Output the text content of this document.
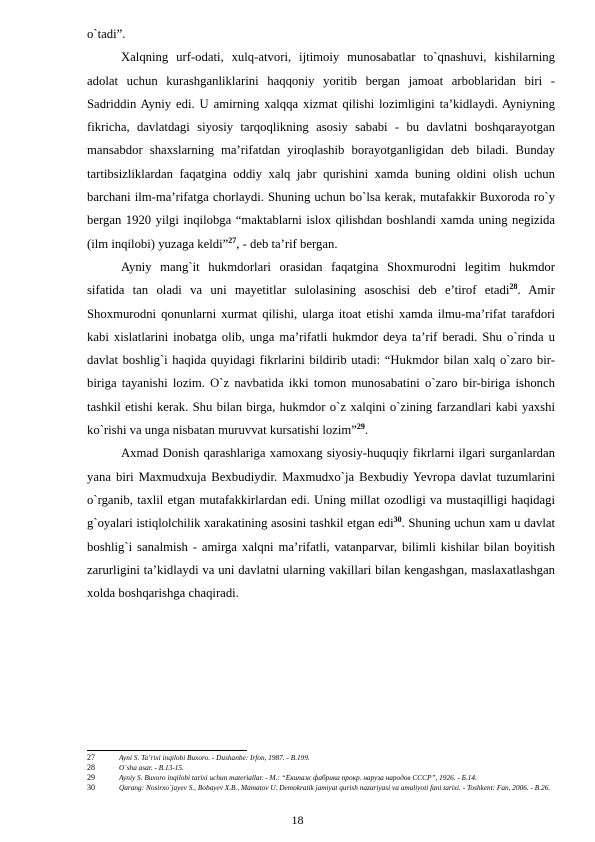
o`tadi”.

Xalqning urf-odati, xulq-atvori, ijtimoiy munosabatlar to`qnashuvi, kishilarning adolat uchun kurashganliklarini haqqoniy yoritib bergan jamoat arboblaridan biri - Sadriddin Ayniy edi. U amirning xalqqa xizmat qilishi lozimligini ta’kidlaydi. Ayniyning fikricha, davlatdagi siyosiy tarqoqlikning asosiy sababi - bu davlatni boshqarayotgan mansabdor shaxslarning ma’rifatdan yiroqlashib borayotganligidan deb biladi. Bunday tartibsizliklardan faqatgina oddiy xalq jabr qurishini xamda buning oldini olish uchun barchani ilm-ma’rifatga chorlaydi. Shuning uchun bo`lsa kerak, mutafakkir Buxoroda ro`y bergan 1920 yilgi inqilobga “maktablarni islox qilishdan boshlandi xamda uning negizida (ilm inqilobi) yuzaga keldi”$^{27}$, - deb ta’rif bergan.

Ayniy mang`it hukmdorlari orasidan faqatgina Shoxmurodni legitim hukmdor sifatida tan oladi va uni mayetitlar sulolasining asoschisi deb e’tirof etadi$^{28}$. Amir Shoxmurodni qonunlarni xurmat qilishi, ularga itoat etishi xamda ilmu-ma’rifat tarafdori kabi xislatlarini inobatga olib, unga ma’rifatli hukmdor deya ta’rif beradi. Shu o`rinda u davlat boshlig`i haqida quyidagi fikrlarini bildirib utadi: “Hukmdor bilan xalq o`zaro bir-biriga tayanishi lozim. O`z navbatida ikki tomon munosabatini o`zaro bir-biriga ishonch tashkil etishi kerak. Shu bilan birga, hukmdor o`z xalqini o`zining farzandlari kabi yaxshi ko`rishi va unga nisbatan muruvvat kursatishi lozim”$^{29}$.

Axmad Donish qarashlariga xamoxang siyosiy-huquqiy fikrlarni ilgari surganlardan yana biri Maxmudxuja Bexbudiydir. Maxmudxo`ja Bexbudiy Yevropa davlat tuzumlarini o`rganib, taxlil etgan mutafakkirlardan edi. Uning millat ozodligi va mustaqilligi haqidagi g`oyalari istiqlolchilik xarakatining asosini tashkil etgan edi$^{30}$. Shuning uchun xam u davlat boshlig`i sanalmish - amirga xalqni ma’rifatli, vatanparvar, bilimli kishilar bilan boyitish zarurligini ta’kidlaydi va uni davlatni ularning vakillari bilan kengashgan, maslaxatlashgan xolda boshqarishga chaqiradi.

27	Ayni S. Ta’rixi inqilobi Buxoro. - Dushanbe: Irfon, 1987. - B.199.
28	O`sha asar. - B.13-15.
29	Ayniy S. Buxoro inqilobi tarixi uchun materiallar. - M.: “Екипаж фабрика прокр. наруза народов СССР”, 1926. - Б.14.
30	Qarang: Nosirxo`jayev S., Bobayev X.B., Mamatov U. Demokratik jamiyat qurish nazariyasi va amaliyoti fani tarixi. - Toshkent: Fan, 2006. - B.26.
18
